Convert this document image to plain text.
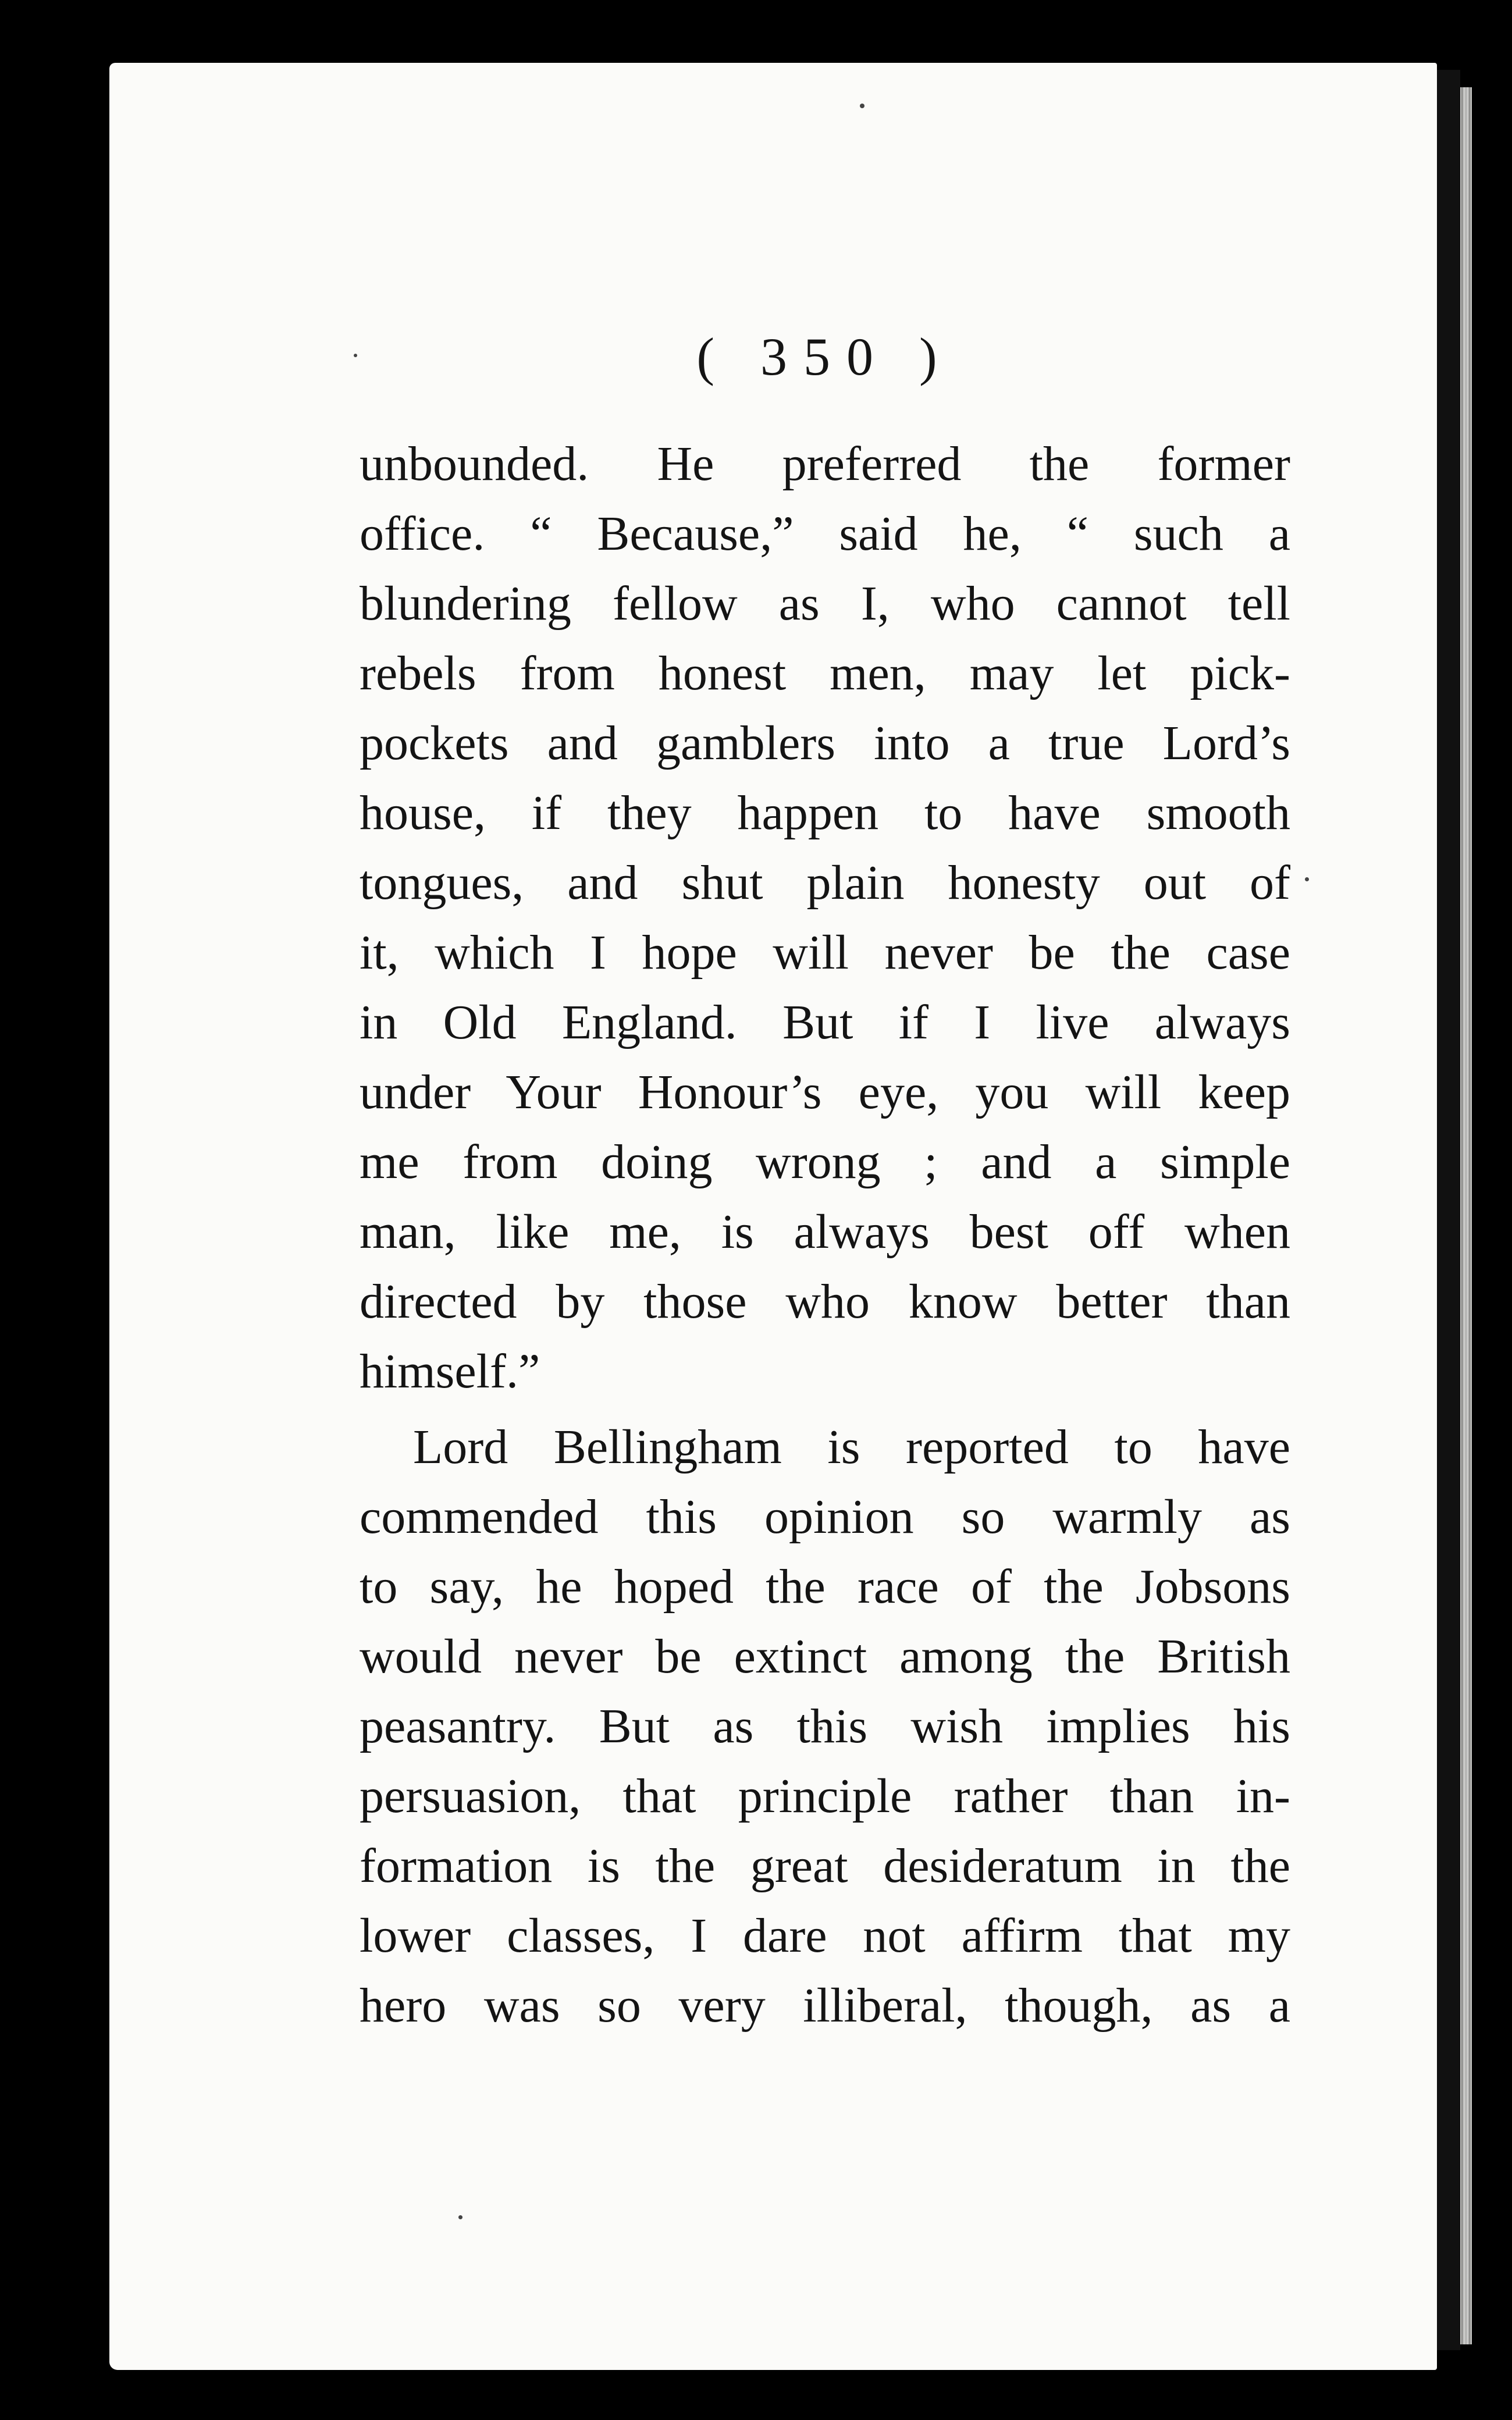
( 350 )
unbounded. He preferred the former
office. “ Because,” said he, “ such a
blundering fellow as I, who cannot tell
rebels from honest men, may let pick-
pockets and gamblers into a true Lord’s
house, if they happen to have smooth
tongues, and shut plain honesty out of
it, which I hope will never be the case
in Old England. But if I live always
under Your Honour’s eye, you will keep
me from doing wrong ; and a simple
man, like me, is always best off when
directed by those who know better than
himself.”
Lord Bellingham is reported to have
commended this opinion so warmly as
to say, he hoped the race of the Jobsons
would never be extinct among the British
peasantry. But as this wish implies his
persuasion, that principle rather than in-
formation is the great desideratum in the
lower classes, I dare not affirm that my
hero was so very illiberal, though, as a
